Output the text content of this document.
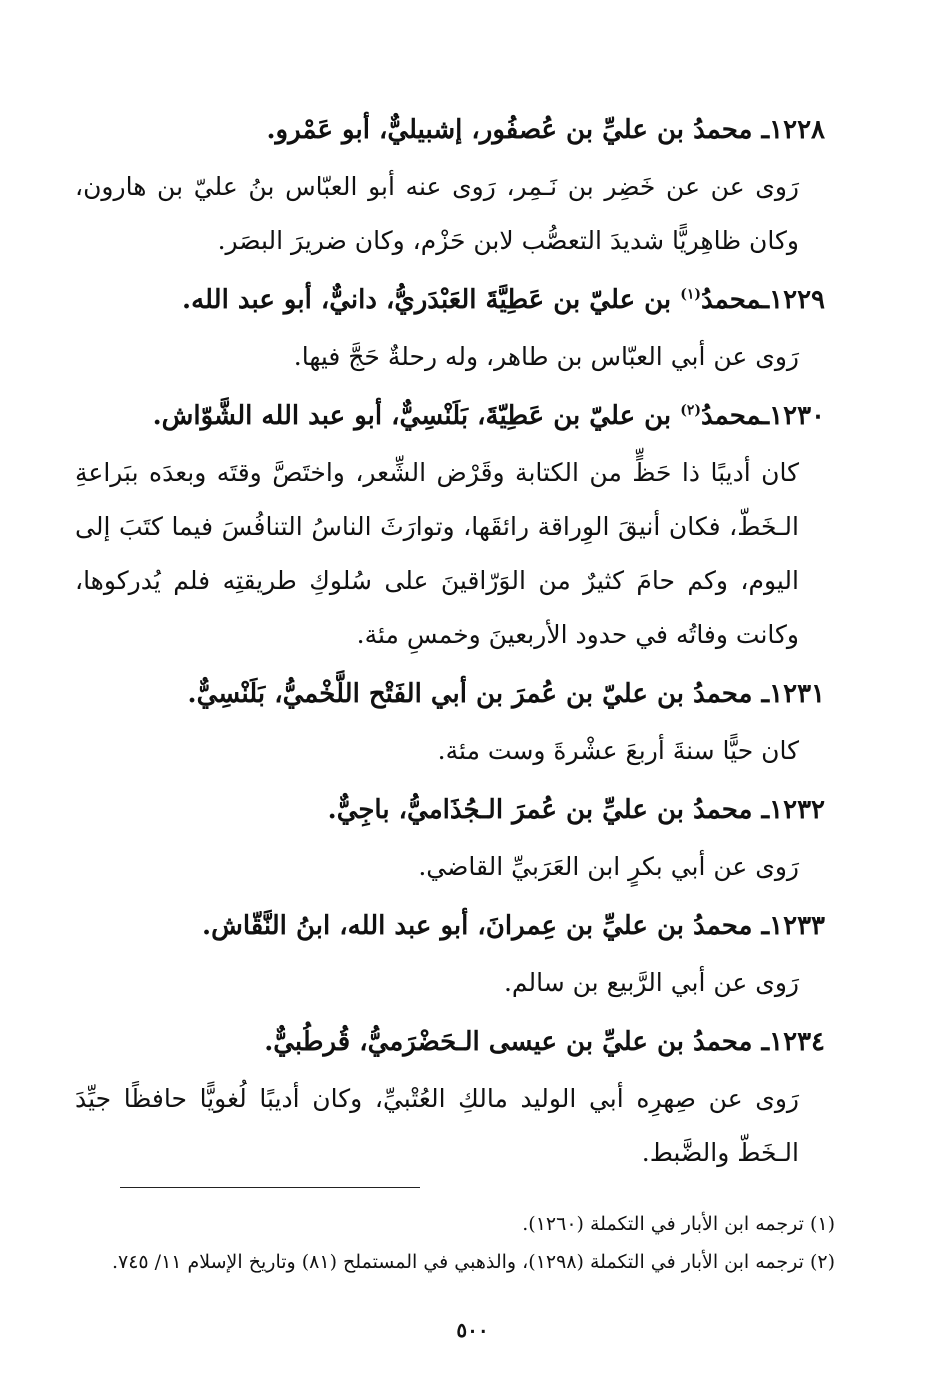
١٢٢٨ـ محمدُ بن عليِّ بن عُصفُور، إشبيليٌّ، أبو عَمْرو.

رَوى عن عن خَضِر بن نَـمِر، رَوى عنه أبو العبّاس بنُ عليّ بن هارون، وكان ظاهِريًّا شديدَ التعصُّب لابن حَزْم، وكان ضريرَ البصَر.

١٢٢٩ـمحمدُ$^{(١)}$ بن عليّ بن عَطِيَّةَ العَبْدَريُّ، دانيٌّ، أبو عبد الله.

رَوى عن أبي العبّاس بن طاهر، وله رحلةٌ حَجَّ فيها.

١٢٣٠ـمحمدُ$^{(٢)}$ بن عليّ بن عَطِيّةَ، بَلَنْسِيٌّ، أبو عبد الله الشَّوّاش.

كان أديبًا ذا حَظٍّ من الكتابة وقَرْض الشِّعر، واختَصَّ وقتَه وبعدَه ببَراعةِ الـخَطّ، فكان أنيقَ الوِراقة رائقَها، وتوارَثَ الناسُ التنافُسَ فيما كتَبَ إلى اليوم، وكم حامَ كثيرٌ من الوَرّاقينَ على سُلوكِ طريقتِه فلم يُدركوها، وكانت وفاتُه في حدود الأربعينَ وخمسِ مئة.

١٢٣١ـ محمدُ بن عليّ بن عُمرَ بن أبي الفَتْح اللَّخْميُّ، بَلَنْسِيٌّ.

كان حيًّا سنةَ أربعَ عشْرةَ وست مئة.

١٢٣٢ـ محمدُ بن عليِّ بن عُمرَ الـجُذَاميُّ، باجِيٌّ.

رَوى عن أبي بكرٍ ابن العَرَبيِّ القاضي.

١٢٣٣ـ محمدُ بن عليِّ بن عِمرانَ، أبو عبد الله، ابنُ النَّقّاش.

رَوى عن أبي الرَّبيع بن سالم.

١٢٣٤ـ محمدُ بن عليِّ بن عيسى الـحَضْرَميُّ، قُرطُبيٌّ.

رَوى عن صِهرِه أبي الوليد مالكِ العُتْبيِّ، وكان أديبًا لُغويًّا حافظًا جيِّدَ الـخَطّ والضَّبط.

(١) ترجمه ابن الأبار في التكملة (١٢٦٠).

(٢) ترجمه ابن الأبار في التكملة (١٢٩٨)، والذهبي في المستملح (٨١) وتاريخ الإسلام ١١/ ٧٤٥.

٥٠٠
